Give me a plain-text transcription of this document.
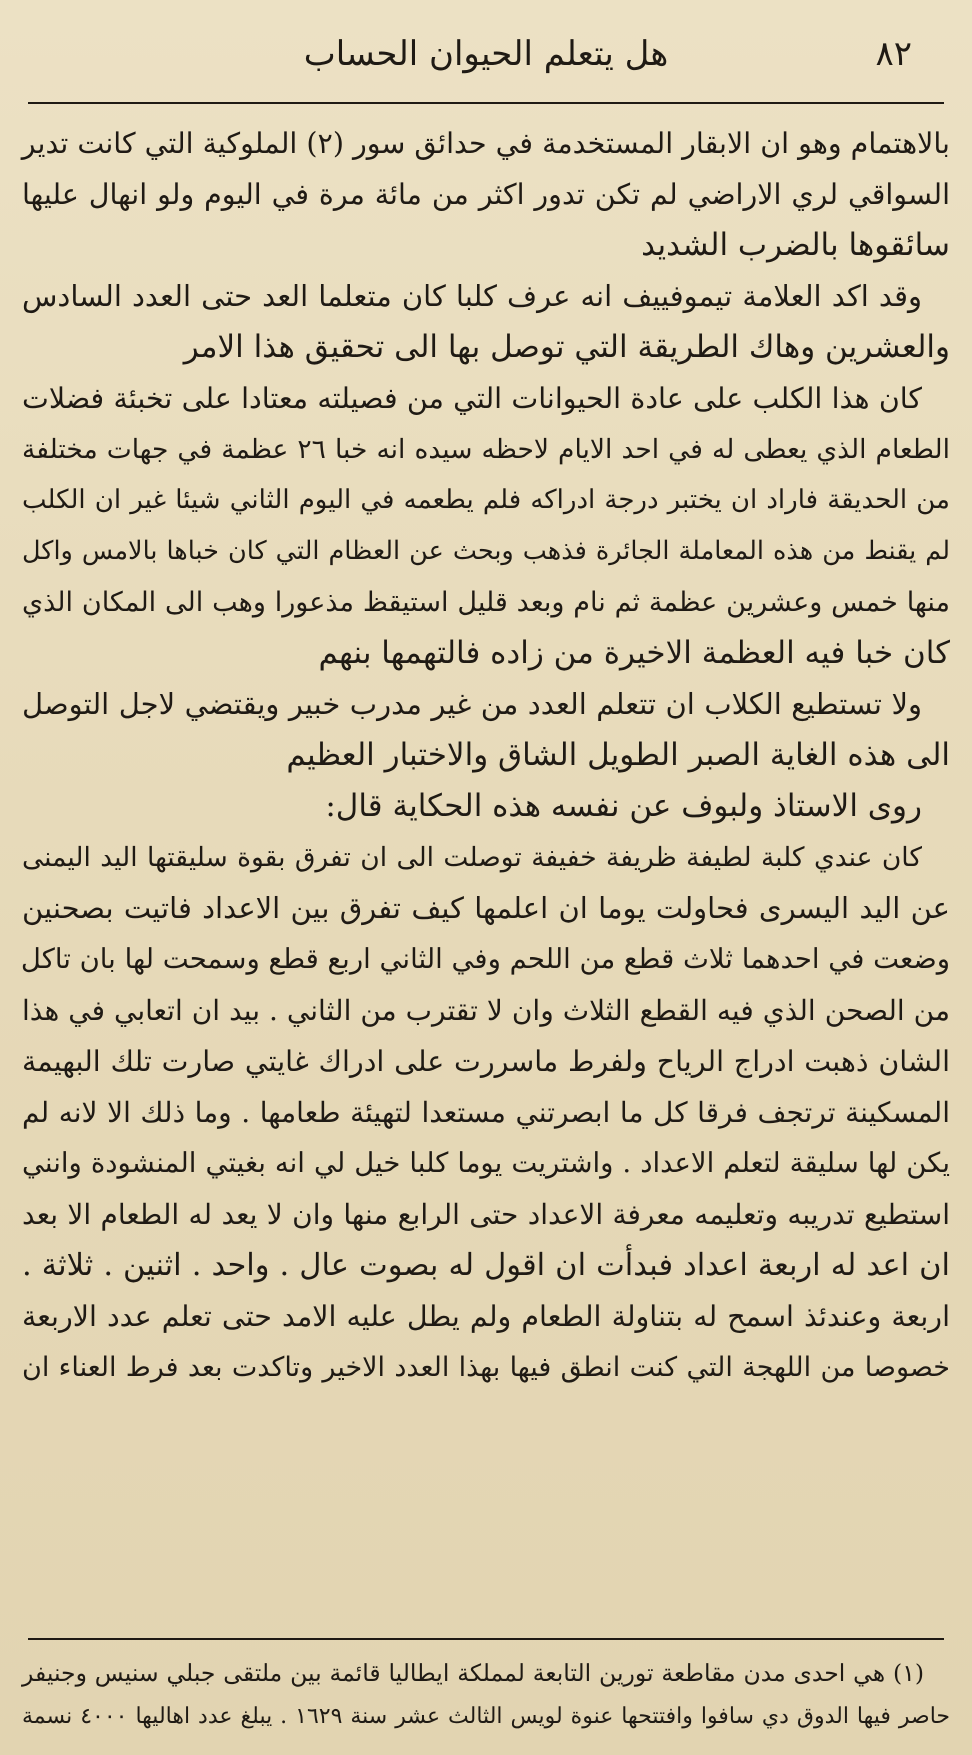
هل يتعلم الحيوان الحساب	٨٢
بالاهتمام وهو ان الابقار المستخدمة في حدائق سور (٢) الملوكية التي كانت تدير
السواقي لري الاراضي لم تكن تدور اكثر من مائة مرة في اليوم ولو انهال عليها
سائقوها بالضرب الشديد
وقد اكد العلامة تيموفييف انه عرف كلبا كان متعلما العد حتى العدد السادس
والعشرين وهاك الطريقة التي توصل بها الى تحقيق هذا الامر
كان هذا الكلب على عادة الحيوانات التي من فصيلته معتادا على تخبئة فضلات
الطعام الذي يعطى له في احد الايام لاحظه سيده انه خبا ٢٦ عظمة في جهات مختلفة
من الحديقة فاراد ان يختبر درجة ادراكه فلم يطعمه في اليوم الثاني شيئا غير ان الكلب
لم يقنط من هذه المعاملة الجائرة فذهب وبحث عن العظام التي كان خباها بالامس واكل
منها خمس وعشرين عظمة ثم نام وبعد قليل استيقظ مذعورا وهب الى المكان الذي
كان خبا فيه العظمة الاخيرة من زاده فالتهمها بنهم
ولا تستطيع الكلاب ان تتعلم العدد من غير مدرب خبير ويقتضي لاجل التوصل
الى هذه الغاية الصبر الطويل الشاق والاختبار العظيم
روى الاستاذ ولبوف عن نفسه هذه الحكاية قال:
كان عندي كلبة لطيفة ظريفة خفيفة توصلت الى ان تفرق بقوة سليقتها اليد اليمنى
عن اليد اليسرى فحاولت يوما ان اعلمها كيف تفرق بين الاعداد فاتيت بصحنين
وضعت في احدهما ثلاث قطع من اللحم وفي الثاني اربع قطع وسمحت لها بان تاكل
من الصحن الذي فيه القطع الثلاث وان لا تقترب من الثاني . بيد ان اتعابي في هذا
الشان ذهبت ادراج الرياح ولفرط ماسررت على ادراك غايتي صارت تلك البهيمة
المسكينة ترتجف فرقا كل ما ابصرتني مستعدا لتهيئة طعامها . وما ذلك الا لانه لم
يكن لها سليقة لتعلم الاعداد . واشتريت يوما كلبا خيل لي انه بغيتي المنشودة وانني
استطيع تدريبه وتعليمه معرفة الاعداد حتى الرابع منها وان لا يعد له الطعام الا بعد
ان اعد له اربعة اعداد فبدأت ان اقول له بصوت عال . واحد . اثنين . ثلاثة .
اربعة وعندئذ اسمح له بتناولة الطعام ولم يطل عليه الامد حتى تعلم عدد الاربعة
خصوصا من اللهجة التي كنت انطق فيها بهذا العدد الاخير وتاكدت بعد فرط العناء ان
(١) هي احدى مدن مقاطعة تورين التابعة لمملكة ايطاليا قائمة بين ملتقى جبلي سنيس وجنيفر
حاصر فيها الدوق دي سافوا وافتتحها عنوة لويس الثالث عشر سنة ١٦٢٩ . يبلغ عدد اهاليها ٤٠٠٠ نسمة
